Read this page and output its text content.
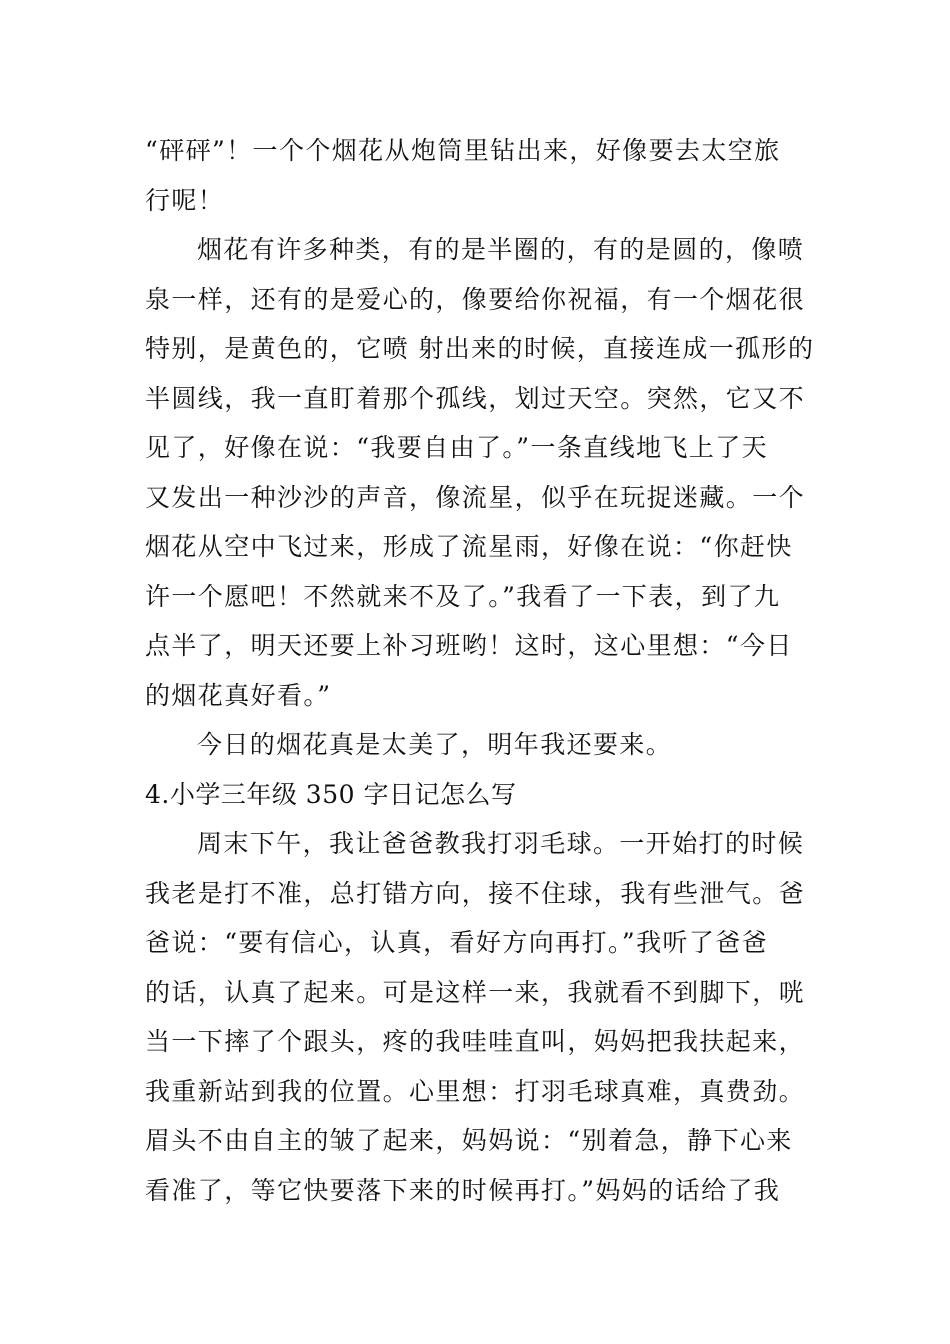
“砰砰”！一个个烟花从炮筒里钻出来，好像要去太空旅
行呢！
烟花有许多种类，有的是半圈的，有的是圆的，像喷
泉一样，还有的是爱心的，像要给你祝福，有一个烟花很
特别，是黄色的，它喷 射出来的时候，直接连成一孤形的
半圆线，我一直盯着那个孤线，划过天空。突然，它又不
见了，好像在说：“我要自由了。”一条直线地飞上了天
又发出一种沙沙的声音，像流星，似乎在玩捉迷藏。一个
烟花从空中飞过来，形成了流星雨，好像在说：“你赶快
许一个愿吧！不然就来不及了。”我看了一下表，到了九
点半了，明天还要上补习班哟！这时，这心里想：“今日
的烟花真好看。”
今日的烟花真是太美了，明年我还要来。
4.小学三年级 350 字日记怎么写
周末下午，我让爸爸教我打羽毛球。一开始打的时候
我老是打不准，总打错方向，接不住球，我有些泄气。爸
爸说：“要有信心，认真，看好方向再打。”我听了爸爸
的话，认真了起来。可是这样一来，我就看不到脚下，咣
当一下摔了个跟头，疼的我哇哇直叫，妈妈把我扶起来，
我重新站到我的位置。心里想：打羽毛球真难，真费劲。
眉头不由自主的皱了起来，妈妈说：“别着急，静下心来
看准了，等它快要落下来的时候再打。”妈妈的话给了我
